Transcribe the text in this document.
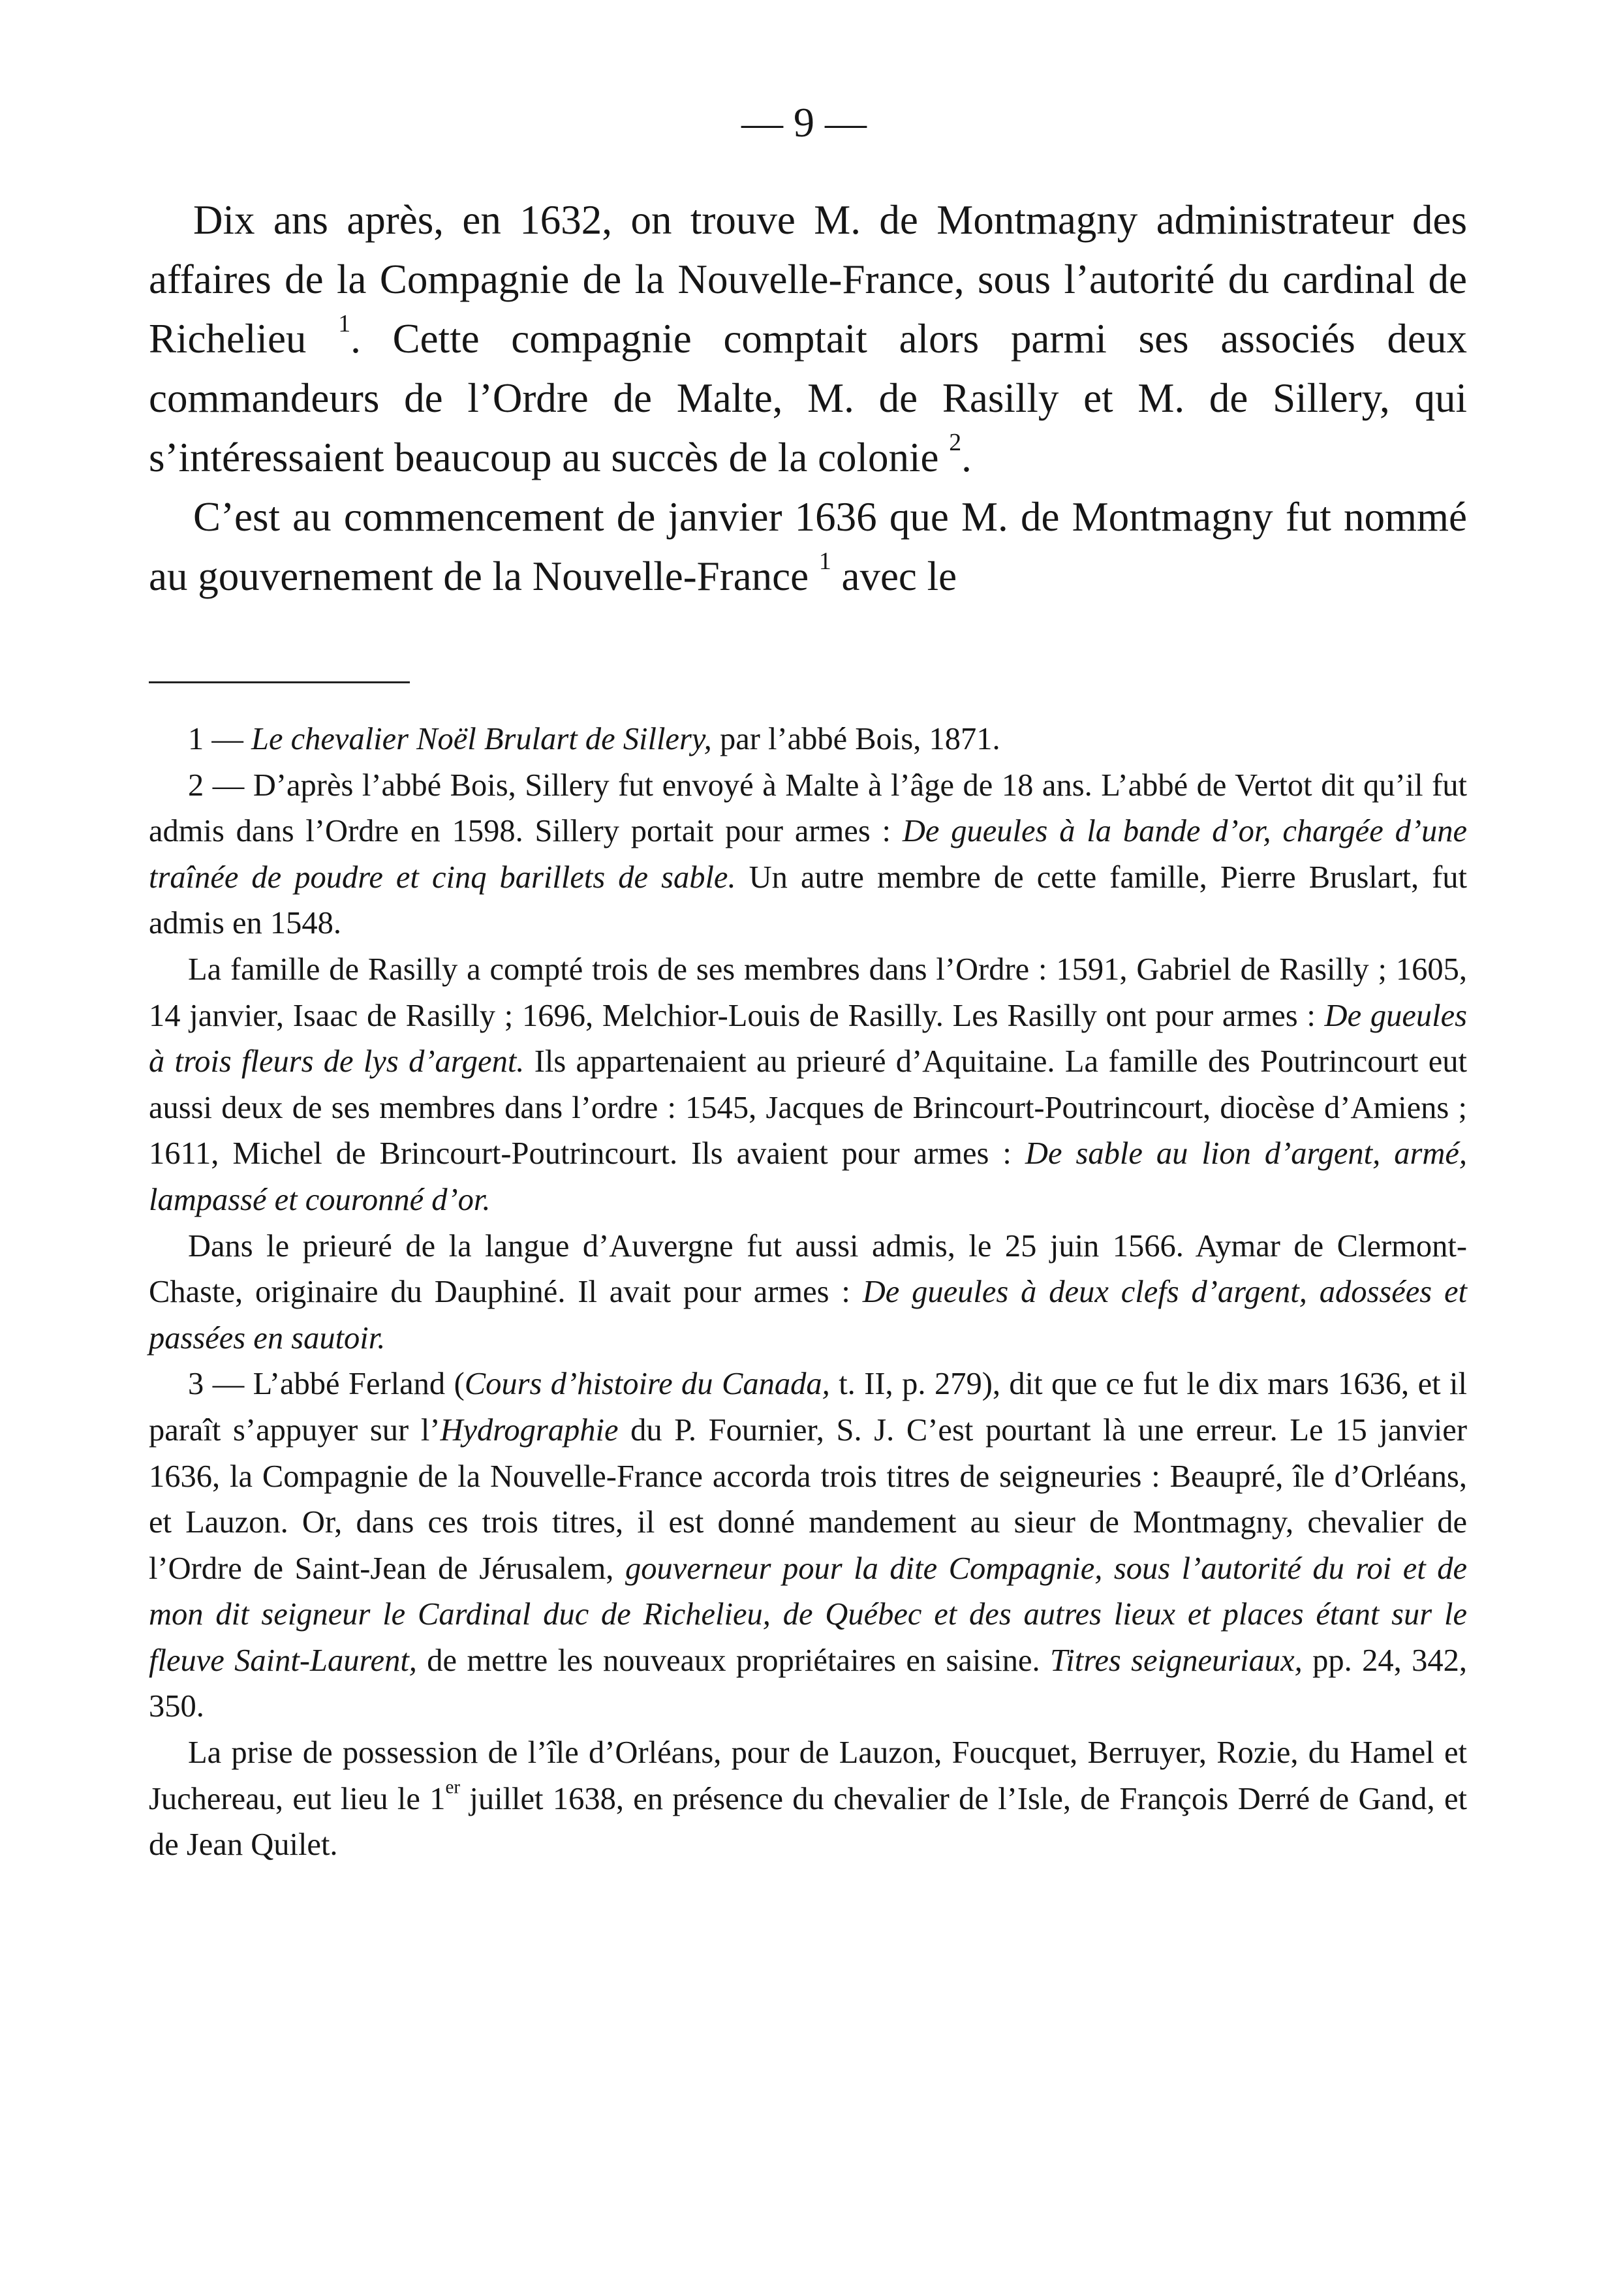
— 9 —

Dix ans après, en 1632, on trouve M. de Montmagny administrateur des affaires de la Compagnie de la Nouvelle-France, sous l’autorité du cardinal de Richelieu $^1$. Cette compagnie comptait alors parmi ses associés deux commandeurs de l’Ordre de Malte, M. de Rasilly et M. de Sillery, qui s’intéressaient beaucoup au succès de la colonie $^2$.

C’est au commencement de janvier 1636 que M. de Montmagny fut nommé au gouvernement de la Nouvelle-France $^1$ avec le

1 — Le chevalier Noël Brulart de Sillery, par l’abbé Bois, 1871.

2 — D’après l’abbé Bois, Sillery fut envoyé à Malte à l’âge de 18 ans. L’abbé de Vertot dit qu’il fut admis dans l’Ordre en 1598. Sillery portait pour armes : De gueules à la bande d’or, chargée d’une traînée de poudre et cinq barillets de sable. Un autre membre de cette famille, Pierre Bruslart, fut admis en 1548.

La famille de Rasilly a compté trois de ses membres dans l’Ordre : 1591, Gabriel de Rasilly ; 1605, 14 janvier, Isaac de Rasilly ; 1696, Melchior-Louis de Rasilly. Les Rasilly ont pour armes : De gueules à trois fleurs de lys d’argent. Ils appartenaient au prieuré d’Aquitaine. La famille des Poutrincourt eut aussi deux de ses membres dans l’ordre : 1545, Jacques de Brincourt-Poutrincourt, diocèse d’Amiens ; 1611, Michel de Brincourt-Poutrincourt. Ils avaient pour armes : De sable au lion d’argent, armé, lampassé et couronné d’or.

Dans le prieuré de la langue d’Auvergne fut aussi admis, le 25 juin 1566. Aymar de Clermont-Chaste, originaire du Dauphiné. Il avait pour armes : De gueules à deux clefs d’argent, adossées et passées en sautoir.

3 — L’abbé Ferland (Cours d’histoire du Canada, t. II, p. 279), dit que ce fut le dix mars 1636, et il paraît s’appuyer sur l’Hydrographie du P. Fournier, S. J. C’est pourtant là une erreur. Le 15 janvier 1636, la Compagnie de la Nouvelle-France accorda trois titres de seigneuries : Beaupré, île d’Orléans, et Lauzon. Or, dans ces trois titres, il est donné mandement au sieur de Montmagny, chevalier de l’Ordre de Saint-Jean de Jérusalem, gouverneur pour la dite Compagnie, sous l’autorité du roi et de mon dit seigneur le Cardinal duc de Richelieu, de Québec et des autres lieux et places étant sur le fleuve Saint-Laurent, de mettre les nouveaux propriétaires en saisine. Titres seigneuriaux, pp. 24, 342, 350.

La prise de possession de l’île d’Orléans, pour de Lauzon, Foucquet, Berruyer, Rozie, du Hamel et Juchereau, eut lieu le 1er juillet 1638, en présence du chevalier de l’Isle, de François Derré de Gand, et de Jean Quilet.
